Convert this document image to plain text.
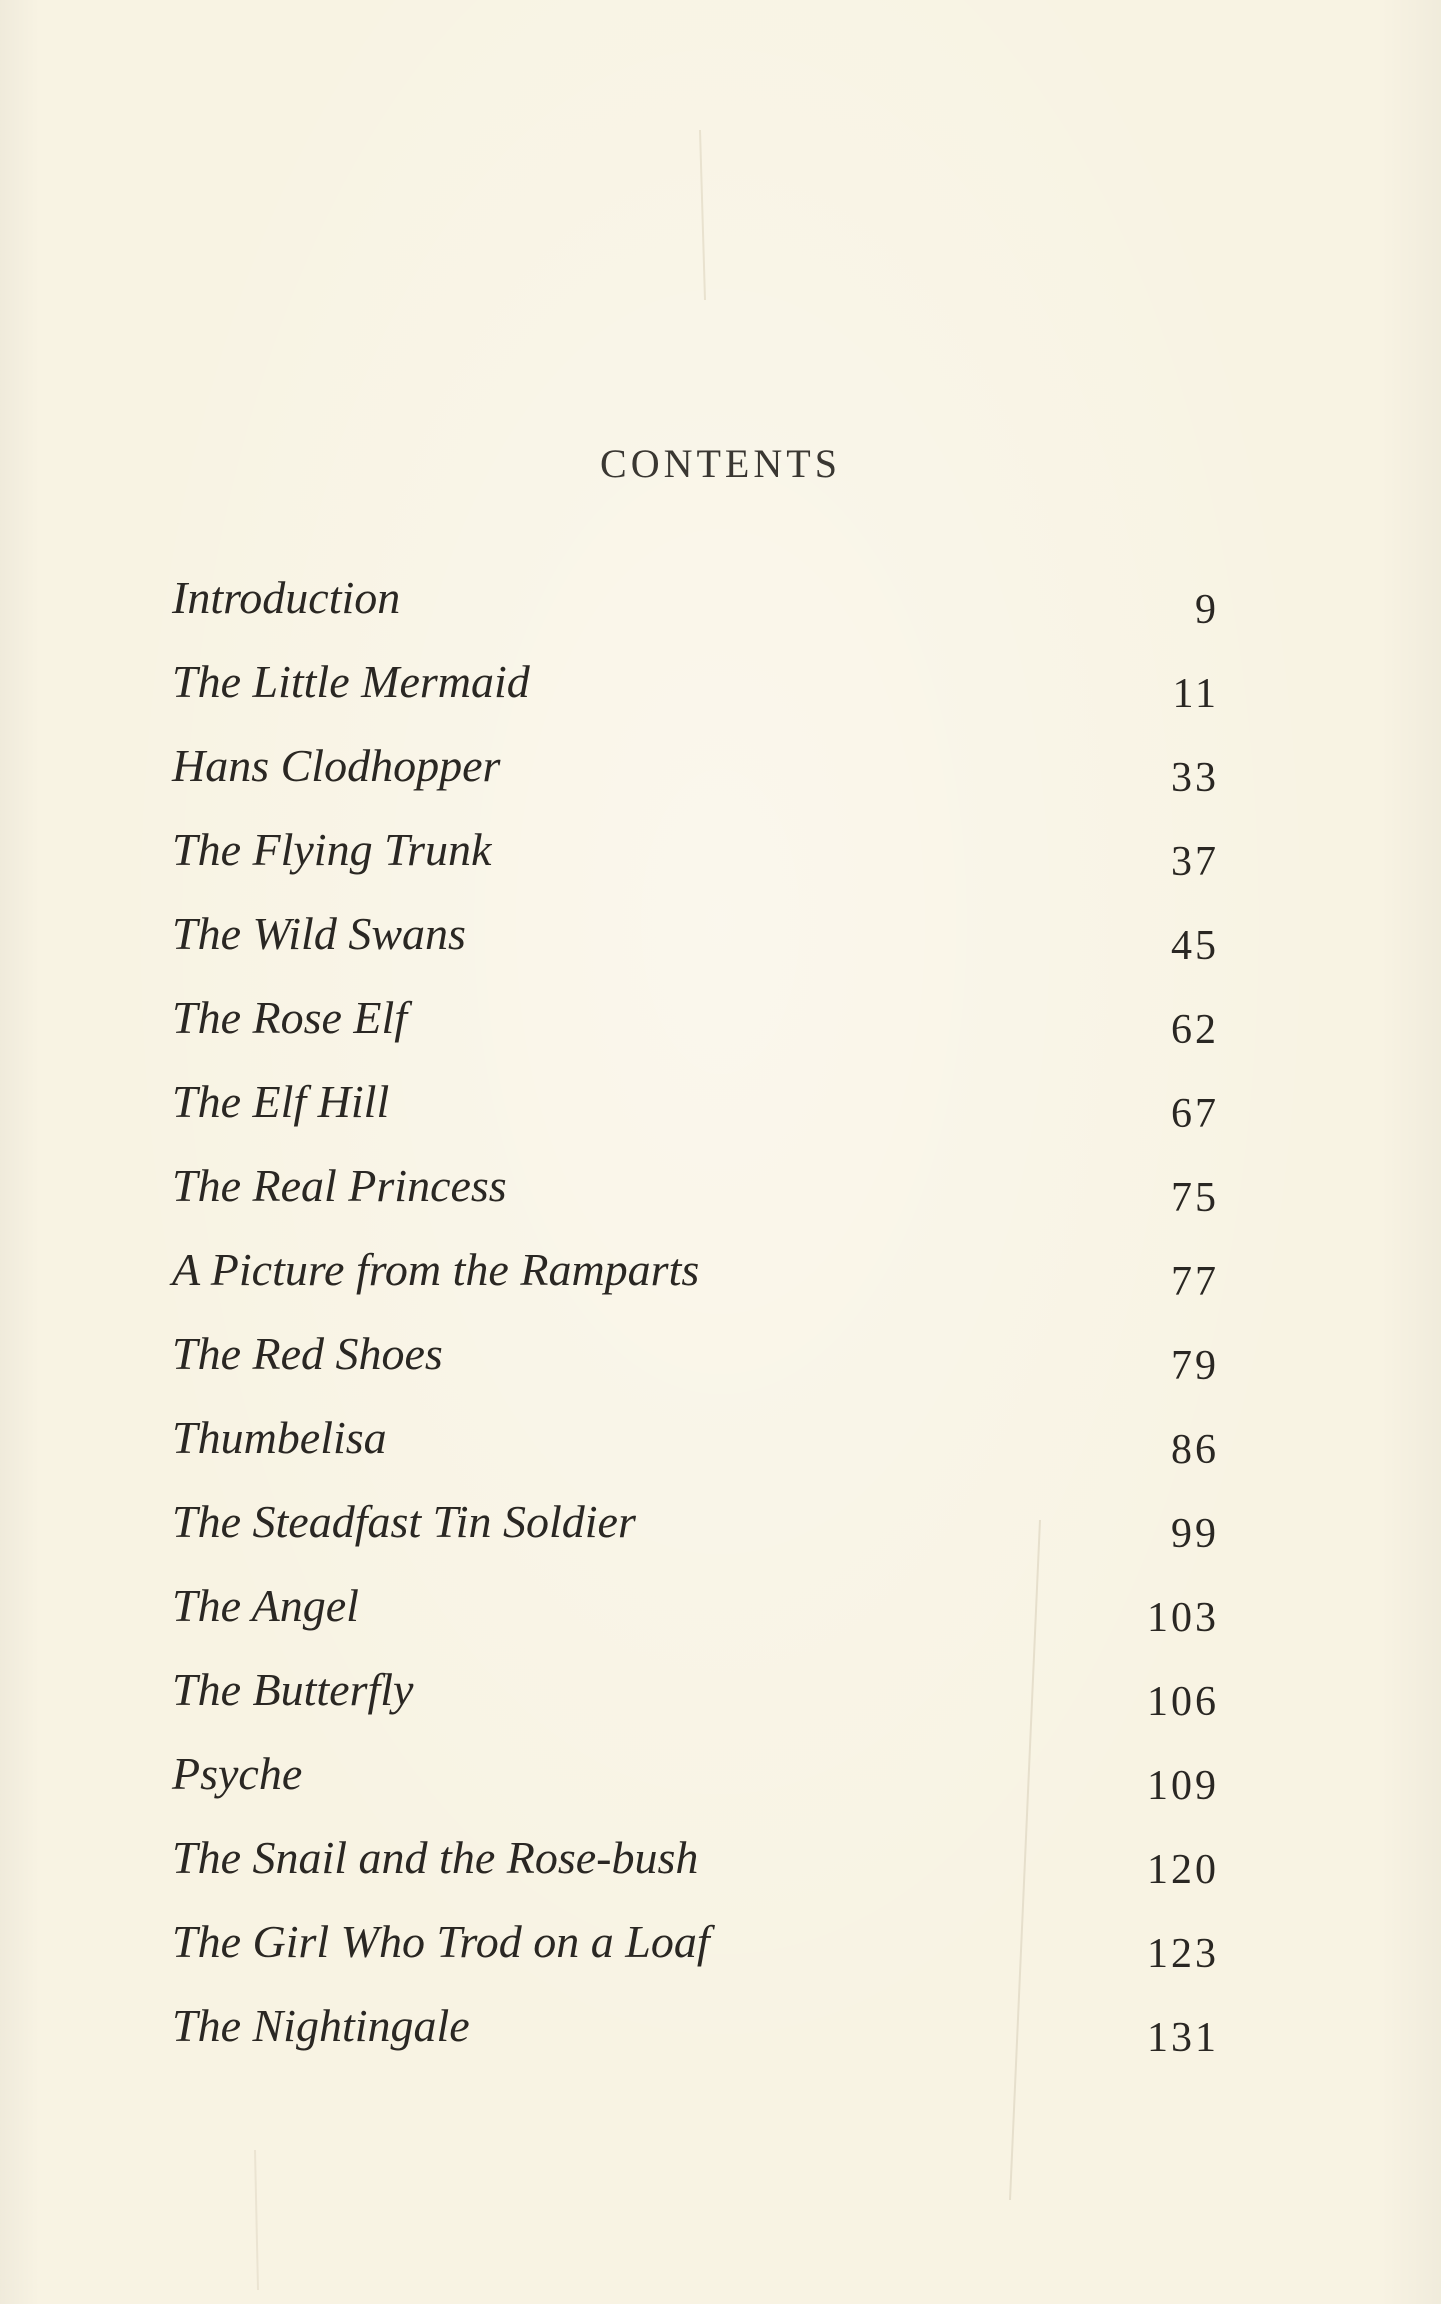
CONTENTS
Introduction	9
The Little Mermaid	11
Hans Clodhopper	33
The Flying Trunk	37
The Wild Swans	45
The Rose Elf	62
The Elf Hill	67
The Real Princess	75
A Picture from the Ramparts	77
The Red Shoes	79
Thumbelisa	86
The Steadfast Tin Soldier	99
The Angel	103
The Butterfly	106
Psyche	109
The Snail and the Rose-bush	120
The Girl Who Trod on a Loaf	123
The Nightingale	131
